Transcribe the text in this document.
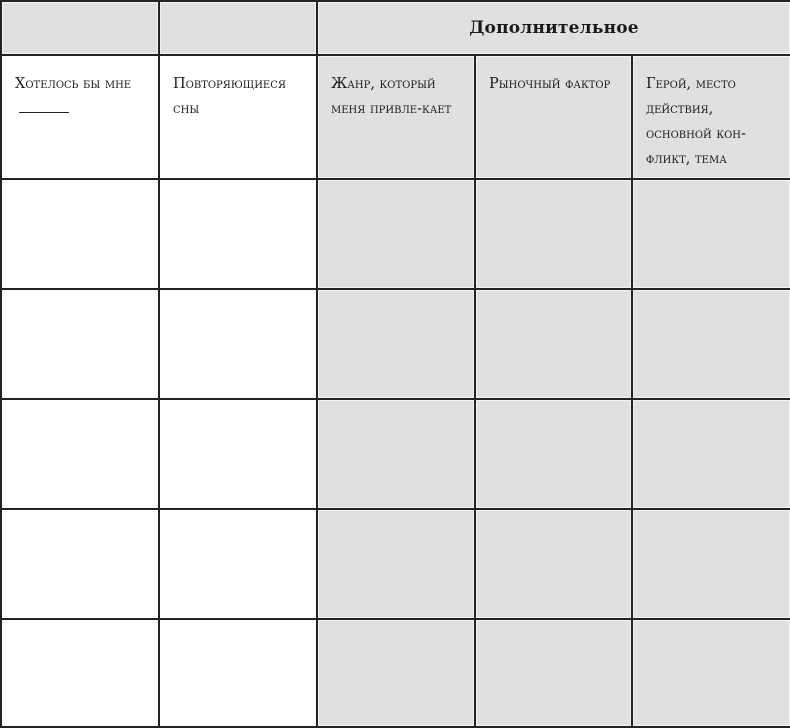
		Дополнительное		
Хотелось бы мне	Повторяющиеся сны	Жанр, который меня привле-кает	Рыночный фактор	Герой, место действия, основной кон-фликт, тема
